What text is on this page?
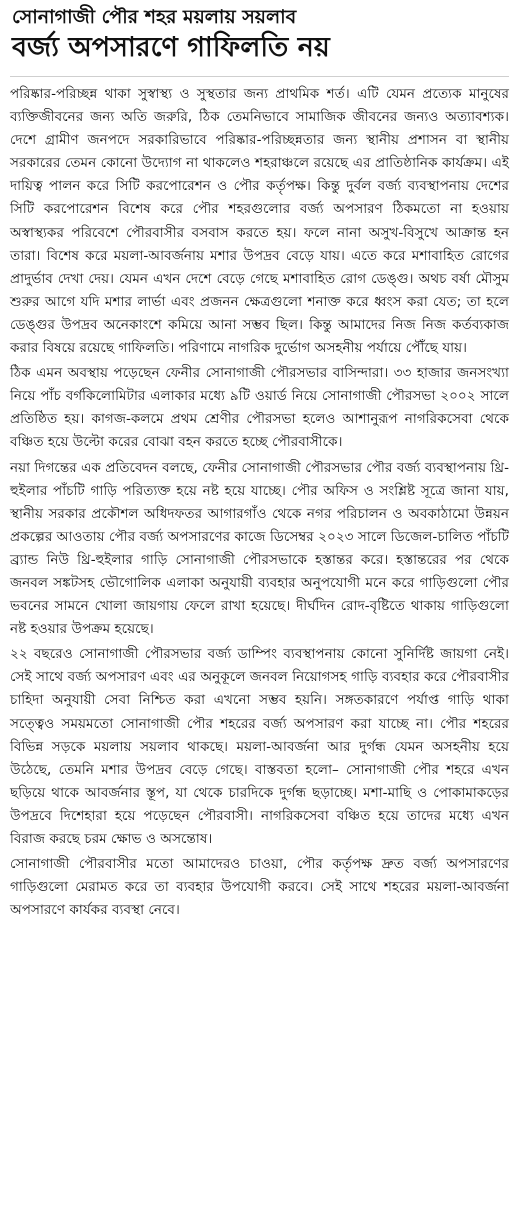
সোনাগাজী পৌর শহর ময়লায় সয়লাব
বর্জ্য অপসারণে গাফিলতি নয়

পরিষ্কার-পরিচ্ছন্ন থাকা সুস্বাস্থ্য ও সুস্থতার জন্য প্রাথমিক শর্ত। এটি যেমন প্রত্যেক মানুষের ব্যক্তিজীবনের জন্য অতি জরুরি, ঠিক তেমনিভাবে সামাজিক জীবনের জন্যও অত্যাবশ্যক। দেশে গ্রামীণ জনপদে সরকারিভাবে পরিষ্কার-পরিচ্ছন্নতার জন্য স্থানীয় প্রশাসন বা স্থানীয় সরকারের তেমন কোনো উদ্যোগ না থাকলেও শহরাঞ্চলে রয়েছে এর প্রাতিষ্ঠানিক কার্যক্রম। এই দায়িত্ব পালন করে সিটি করপোরেশন ও পৌর কর্তৃপক্ষ। কিন্তু দুর্বল বর্জ্য ব্যবস্থাপনায় দেশের সিটি করপোরেশন বিশেষ করে পৌর শহরগুলোর বর্জ্য অপসারণ ঠিকমতো না হওয়ায় অস্বাস্থ্যকর পরিবেশে পৌরবাসীর বসবাস করতে হয়। ফলে নানা অসুখ-বিসুখে আক্রান্ত হন তারা। বিশেষ করে ময়লা-আবর্জনায় মশার উপদ্রব বেড়ে যায়। এতে করে মশাবাহিত রোগের প্রাদুর্ভাব দেখা দেয়। যেমন এখন দেশে বেড়ে গেছে মশাবাহিত রোগ ডেঙ্গু। অথচ বর্ষা মৌসুম শুরুর আগে যদি মশার লার্ভা এবং প্রজনন ক্ষেত্রগুলো শনাক্ত করে ধ্বংস করা যেত; তা হলে ডেঙ্গুর উপদ্রব অনেকাংশে কমিয়ে আনা সম্ভব ছিল। কিন্তু আমাদের নিজ নিজ কর্তব্যকাজ করার বিষয়ে রয়েছে গাফিলতি। পরিণামে নাগরিক দুর্ভোগ অসহনীয় পর্যায়ে পৌঁছে যায়।

ঠিক এমন অবস্থায় পড়েছেন ফেনীর সোনাগাজী পৌরসভার বাসিন্দারা। ৩৩ হাজার জনসংখ্যা নিয়ে পাঁচ বর্গকিলোমিটার এলাকার মধ্যে ৯টি ওয়ার্ড নিয়ে সোনাগাজী পৌরসভা ২০০২ সালে প্রতিষ্ঠিত হয়। কাগজ-কলমে প্রথম শ্রেণীর পৌরসভা হলেও আশানুরূপ নাগরিকসেবা থেকে বঞ্চিত হয়ে উল্টো করের বোঝা বহন করতে হচ্ছে পৌরবাসীকে।

নয়া দিগন্তের এক প্রতিবেদন বলছে, ফেনীর সোনাগাজী পৌরসভার পৌর বর্জ্য ব্যবস্থাপনায় থ্রি-হুইলার পাঁচটি গাড়ি পরিত্যক্ত হয়ে নষ্ট হয়ে যাচ্ছে। পৌর অফিস ও সংশ্লিষ্ট সূত্রে জানা যায়, স্থানীয় সরকার প্রকৌশল অধিদফতর আগারগাঁও থেকে নগর পরিচালন ও অবকাঠামো উন্নয়ন প্রকল্পের আওতায় পৌর বর্জ্য অপসারণের কাজে ডিসেম্বর ২০২৩ সালে ডিজেল-চালিত পাঁচটি ব্র্যান্ড নিউ থ্রি-হুইলার গাড়ি সোনাগাজী পৌরসভাকে হস্তান্তর করে। হস্তান্তরের পর থেকে জনবল সঙ্কটসহ ভৌগোলিক এলাকা অনুযায়ী ব্যবহার অনুপযোগী মনে করে গাড়িগুলো পৌর ভবনের সামনে খোলা জায়গায় ফেলে রাখা হয়েছে। দীর্ঘদিন রোদ-বৃষ্টিতে থাকায় গাড়িগুলো নষ্ট হওয়ার উপক্রম হয়েছে।

২২ বছরেও সোনাগাজী পৌরসভার বর্জ্য ডাম্পিং ব্যবস্থাপনায় কোনো সুনির্দিষ্ট জায়গা নেই। সেই সাথে বর্জ্য অপসারণ এবং এর অনুকূলে জনবল নিয়োগসহ গাড়ি ব্যবহার করে পৌরবাসীর চাহিদা অনুযায়ী সেবা নিশ্চিত করা এখনো সম্ভব হয়নি। সঙ্গতকারণে পর্যাপ্ত গাড়ি থাকা সত্ত্বেও সময়মতো সোনাগাজী পৌর শহরের বর্জ্য অপসারণ করা যাচ্ছে না। পৌর শহরের বিভিন্ন সড়কে ময়লায় সয়লাব থাকছে। ময়লা-আবর্জনা আর দুর্গন্ধ যেমন অসহনীয় হয়ে উঠেছে, তেমনি মশার উপদ্রব বেড়ে গেছে। বাস্তবতা হলো– সোনাগাজী পৌর শহরে এখন ছড়িয়ে থাকে আবর্জনার স্তূপ, যা থেকে চারদিকে দুর্গন্ধ ছড়াচ্ছে। মশা-মাছি ও পোকামাকড়ের উপদ্রবে দিশেহারা হয়ে পড়েছেন পৌরবাসী। নাগরিকসেবা বঞ্চিত হয়ে তাদের মধ্যে এখন বিরাজ করছে চরম ক্ষোভ ও অসন্তোষ।

সোনাগাজী পৌরবাসীর মতো আমাদেরও চাওয়া, পৌর কর্তৃপক্ষ দ্রুত বর্জ্য অপসারণের গাড়িগুলো মেরামত করে তা ব্যবহার উপযোগী করবে। সেই সাথে শহরের ময়লা-আবর্জনা অপসারণে কার্যকর ব্যবস্থা নেবে।
